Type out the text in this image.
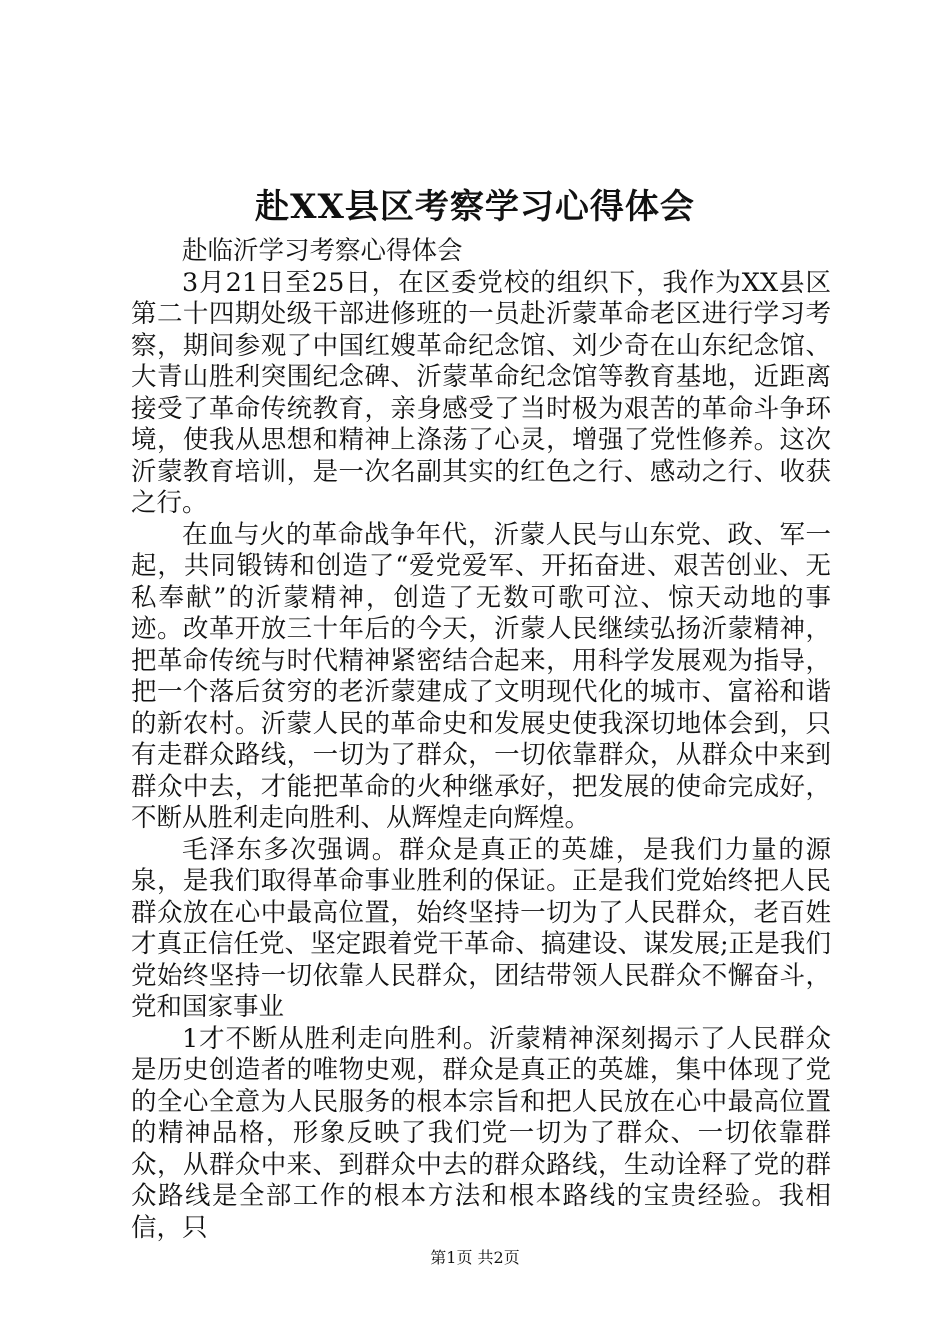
赴XX县区考察学习心得体会

赴临沂学习考察心得体会

3月21日至25日，在区委党校的组织下，我作为XX县区第二十四期处级干部进修班的一员赴沂蒙革命老区进行学习考察，期间参观了中国红嫂革命纪念馆、刘少奇在山东纪念馆、大青山胜利突围纪念碑、沂蒙革命纪念馆等教育基地，近距离接受了革命传统教育，亲身感受了当时极为艰苦的革命斗争环境，使我从思想和精神上涤荡了心灵，增强了党性修养。这次沂蒙教育培训，是一次名副其实的红色之行、感动之行、收获之行。

在血与火的革命战争年代，沂蒙人民与山东党、政、军一起，共同锻铸和创造了“爱党爱军、开拓奋进、艰苦创业、无私奉献”的沂蒙精神，创造了无数可歌可泣、惊天动地的事迹。改革开放三十年后的今天，沂蒙人民继续弘扬沂蒙精神，把革命传统与时代精神紧密结合起来，用科学发展观为指导，把一个落后贫穷的老沂蒙建成了文明现代化的城市、富裕和谐的新农村。沂蒙人民的革命史和发展史使我深切地体会到，只有走群众路线，一切为了群众，一切依靠群众，从群众中来到群众中去，才能把革命的火种继承好，把发展的使命完成好，不断从胜利走向胜利、从辉煌走向辉煌。

毛泽东多次强调。群众是真正的英雄，是我们力量的源泉，是我们取得革命事业胜利的保证。正是我们党始终把人民群众放在心中最高位置，始终坚持一切为了人民群众，老百姓才真正信任党、坚定跟着党干革命、搞建设、谋发展;正是我们党始终坚持一切依靠人民群众，团结带领人民群众不懈奋斗，党和国家事业

1才不断从胜利走向胜利。沂蒙精神深刻揭示了人民群众是历史创造者的唯物史观，群众是真正的英雄，集中体现了党的全心全意为人民服务的根本宗旨和把人民放在心中最高位置的精神品格，形象反映了我们党一切为了群众、一切依靠群众，从群众中来、到群众中去的群众路线，生动诠释了党的群众路线是全部工作的根本方法和根本路线的宝贵经验。我相信，只

第1页 共2页
